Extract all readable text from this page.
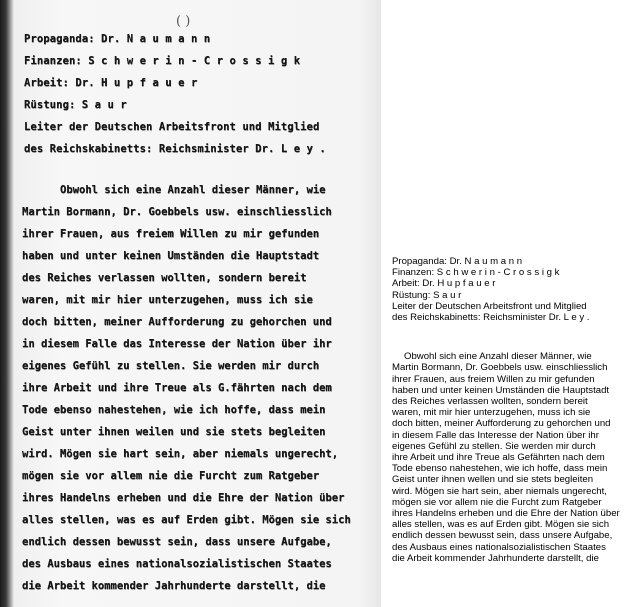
( )
Propaganda: Dr. N a u m a n n
Finanzen: S c h w e r i n - C r o s s i g k
Arbeit: Dr. H u p f a u e r
Rüstung: S a u r
Leiter der Deutschen Arbeitsfront und Mitglied
des Reichskabinetts: Reichsminister Dr. L e y .
Obwohl sich eine Anzahl dieser Männer, wie
Martin Bormann, Dr. Goebbels usw. einschliesslich
ihrer Frauen, aus freiem Willen zu mir gefunden
haben und unter keinen Umständen die Hauptstadt
des Reiches verlassen wollten, sondern bereit
waren, mit mir hier unterzugehen, muss ich sie
doch bitten, meiner Aufforderung zu gehorchen und
in diesem Falle das Interesse der Nation über ihr
eigenes Gefühl zu stellen. Sie werden mir durch
ihre Arbeit und ihre Treue als G.fährten nach dem
Tode ebenso nahestehen, wie ich hoffe, dass mein
Geist unter ihnen weilen und sie stets begleiten
wird. Mögen sie hart sein, aber niemals ungerecht,
mögen sie vor allem nie die Furcht zum Ratgeber
ihres Handelns erheben und die Ehre der Nation über
alles stellen, was es auf Erden gibt. Mögen sie sich
endlich dessen bewusst sein, dass unsere Aufgabe,
des Ausbaus eines nationalsozialistischen Staates
die Arbeit kommender Jahrhunderte darstellt, die
Propaganda: Dr. N a u m a n n
Finanzen: S c h w e r i n - C r o s s i g k
Arbeit: Dr. H u p f a u e r
Rüstung: S a u r
Leiter der Deutschen Arbeitsfront und Mitglied
des Reichskabinetts: Reichsminister Dr. L e y .
Obwohl sich eine Anzahl dieser Männer, wie
Martin Bormann, Dr. Goebbels usw. einschliesslich
ihrer Frauen, aus freiem Willen zu mir gefunden
haben und unter keinen Umständen die Hauptstadt
des Reiches verlassen wollten, sondern bereit
waren, mit mir hier unterzugehen, muss ich sie
doch bitten, meiner Aufforderung zu gehorchen und
in diesem Falle das Interesse der Nation über ihr
eigenes Gefühl zu stellen. Sie werden mir durch
ihre Arbeit und ihre Treue als Gefährten nach dem
Tode ebenso nahestehen, wie ich hoffe, dass mein
Geist unter ihnen wellen und sie stets begleiten
wird. Mögen sie hart sein, aber niemals ungerecht,
mögen sie vor allem nie die Furcht zum Ratgeber
ihres Handelns erheben und die Ehre der Nation über
alles stellen, was es auf Erden gibt. Mögen sie sich
endlich dessen bewusst sein, dass unsere Aufgabe,
des Ausbaus eines nationalsozialistischen Staates
die Arbeit kommender Jahrhunderte darstellt, die
